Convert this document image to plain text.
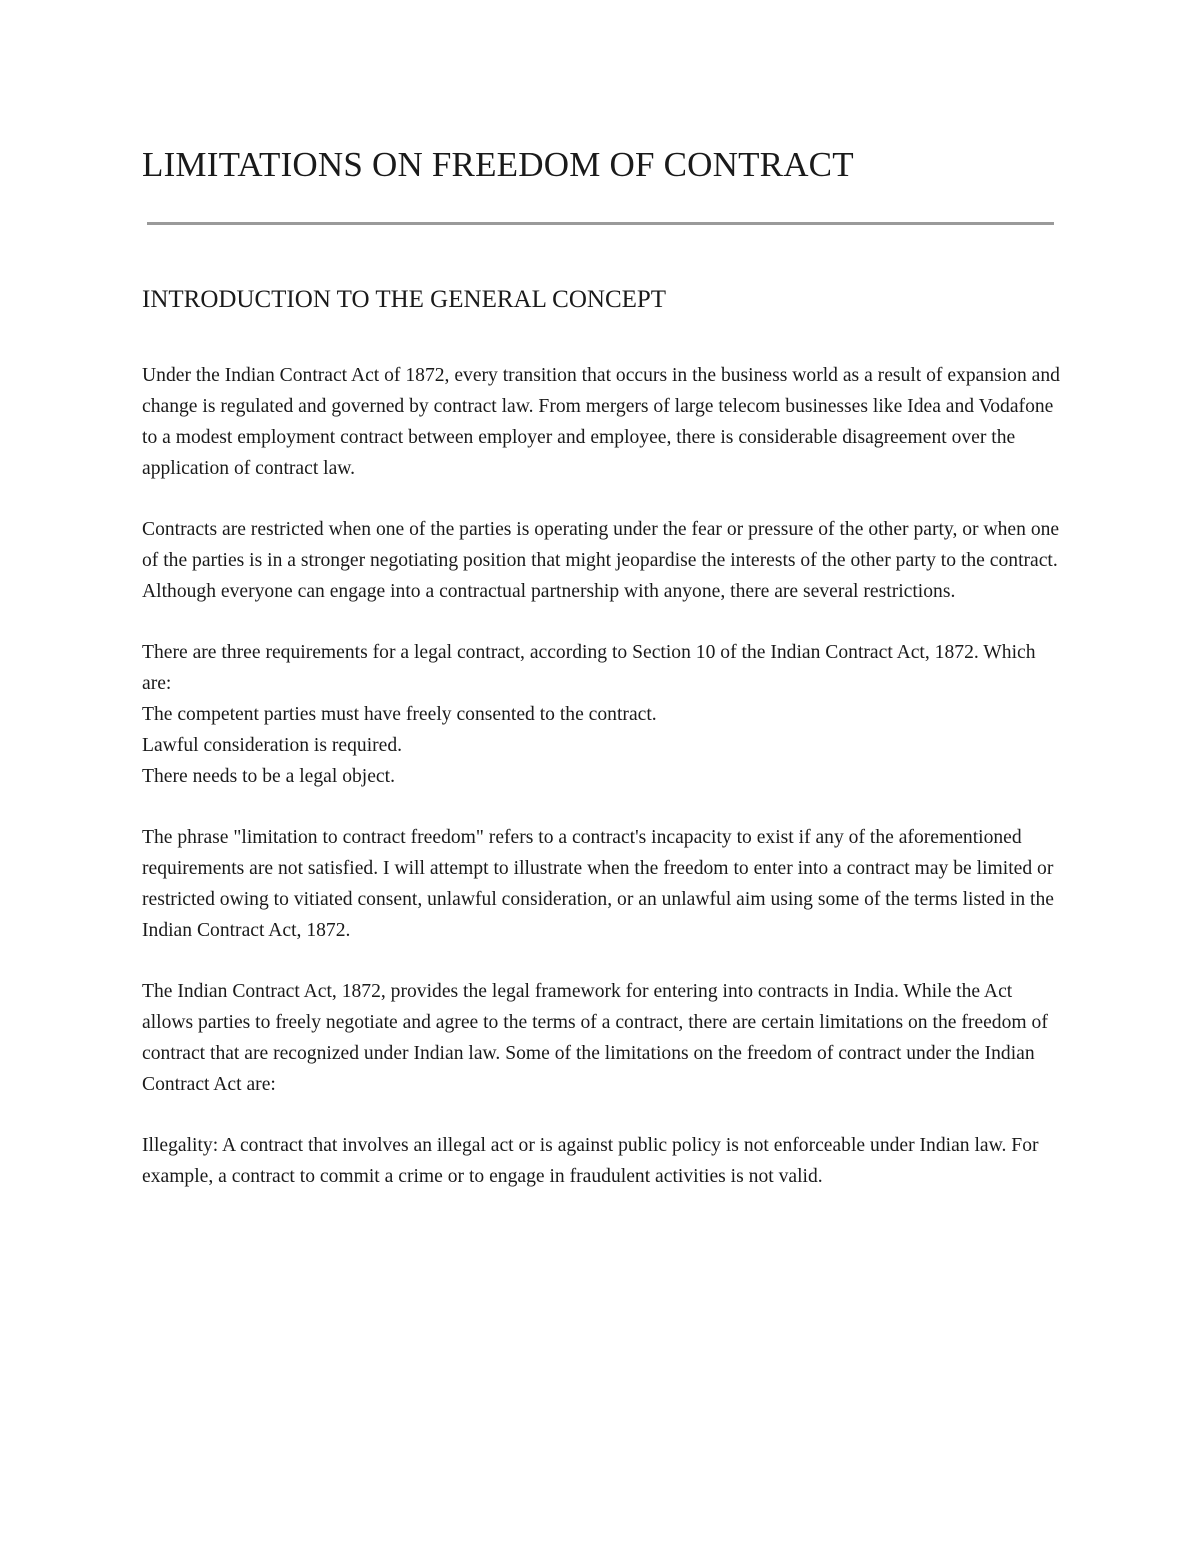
LIMITATIONS ON FREEDOM OF CONTRACT
INTRODUCTION TO THE GENERAL CONCEPT

Under the Indian Contract Act of 1872, every transition that occurs in the business world as a result of expansion and change is regulated and governed by contract law. From mergers of large telecom businesses like Idea and Vodafone to a modest employment contract between employer and employee, there is considerable disagreement over the application of contract law.

Contracts are restricted when one of the parties is operating under the fear or pressure of the other party, or when one of the parties is in a stronger negotiating position that might jeopardise the interests of the other party to the contract. Although everyone can engage into a contractual partnership with anyone, there are several restrictions.

There are three requirements for a legal contract, according to Section 10 of the Indian Contract Act, 1872. Which are:

The competent parties must have freely consented to the contract.

Lawful consideration is required.

There needs to be a legal object.

The phrase "limitation to contract freedom" refers to a contract's incapacity to exist if any of the aforementioned requirements are not satisfied. I will attempt to illustrate when the freedom to enter into a contract may be limited or restricted owing to vitiated consent, unlawful consideration, or an unlawful aim using some of the terms listed in the Indian Contract Act, 1872.

The Indian Contract Act, 1872, provides the legal framework for entering into contracts in India. While the Act allows parties to freely negotiate and agree to the terms of a contract, there are certain limitations on the freedom of contract that are recognized under Indian law. Some of the limitations on the freedom of contract under the Indian Contract Act are:

Illegality: A contract that involves an illegal act or is against public policy is not enforceable under Indian law. For example, a contract to commit a crime or to engage in fraudulent activities is not valid.
